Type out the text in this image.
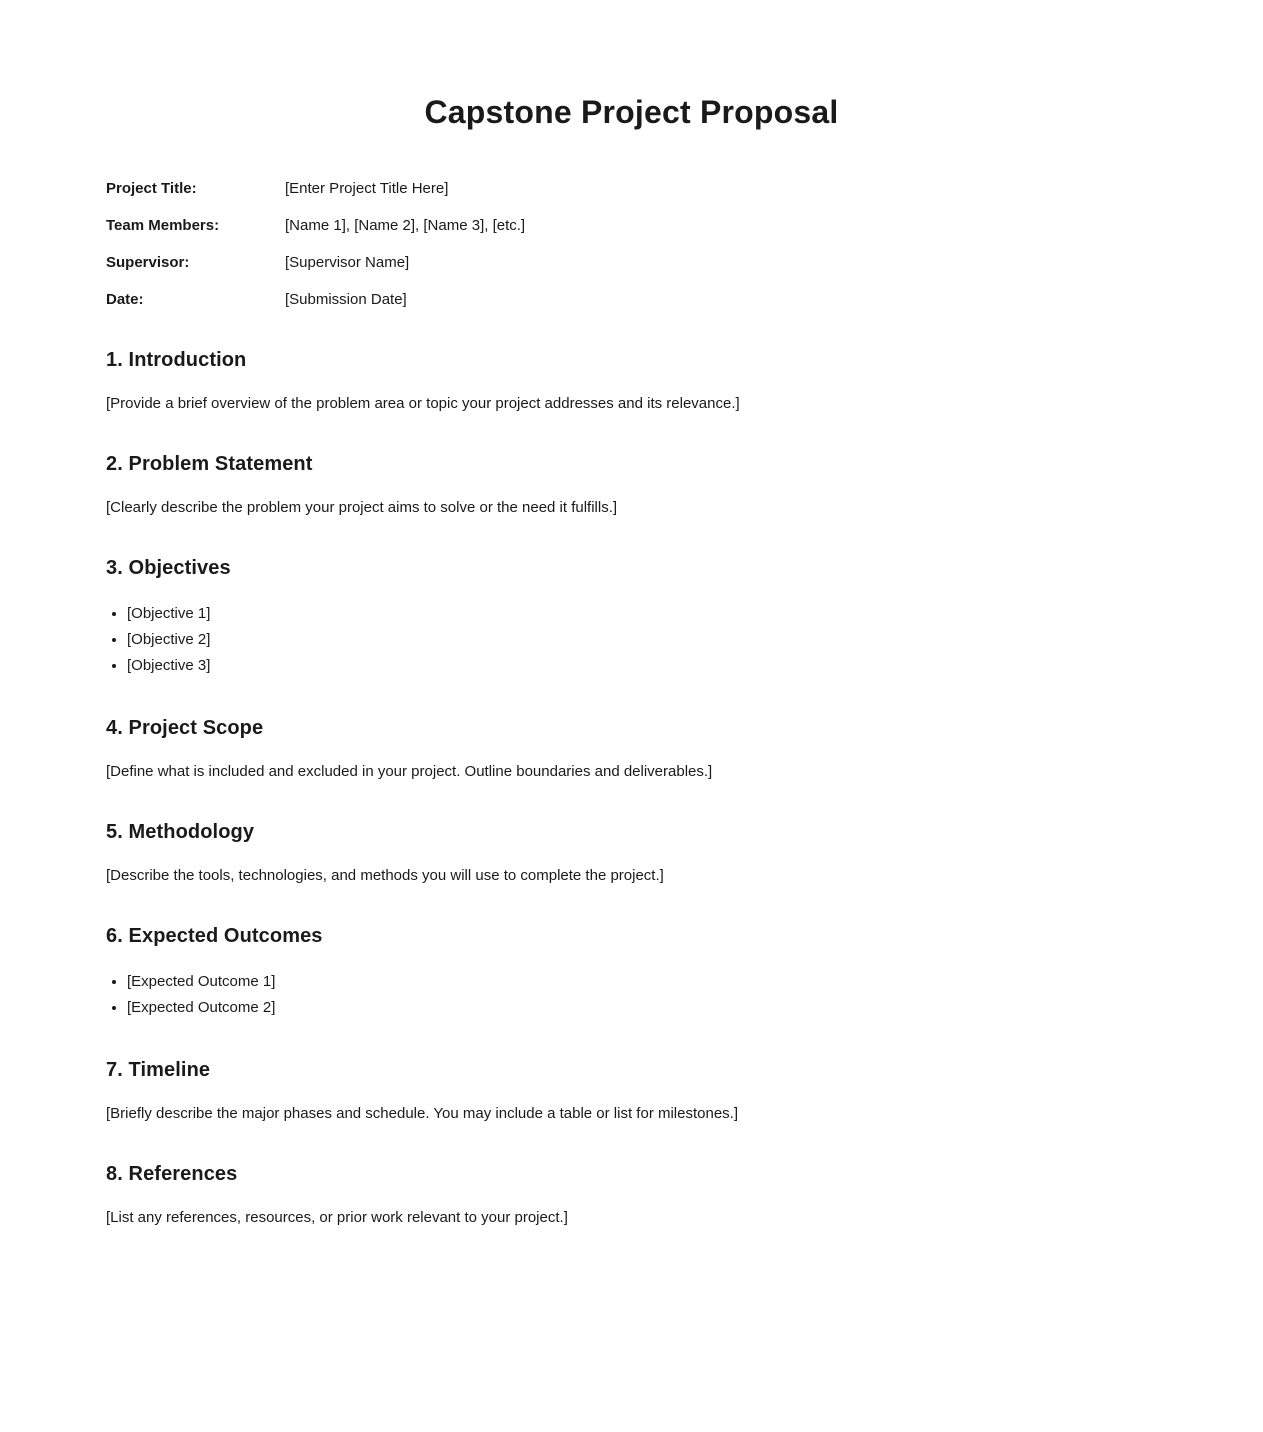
Capstone Project Proposal
Project Title:	[Enter Project Title Here]
Team Members:	[Name 1], [Name 2], [Name 3], [etc.]
Supervisor:	[Supervisor Name]
Date:	[Submission Date]
1. Introduction

[Provide a brief overview of the problem area or topic your project addresses and its relevance.]

2. Problem Statement

[Clearly describe the problem your project aims to solve or the need it fulfills.]

3. Objectives
• [Objective 1]
• [Objective 2]
• [Objective 3]
4. Project Scope

[Define what is included and excluded in your project. Outline boundaries and deliverables.]

5. Methodology

[Describe the tools, technologies, and methods you will use to complete the project.]

6. Expected Outcomes
• [Expected Outcome 1]
• [Expected Outcome 2]
7. Timeline

[Briefly describe the major phases and schedule. You may include a table or list for milestones.]

8. References

[List any references, resources, or prior work relevant to your project.]
